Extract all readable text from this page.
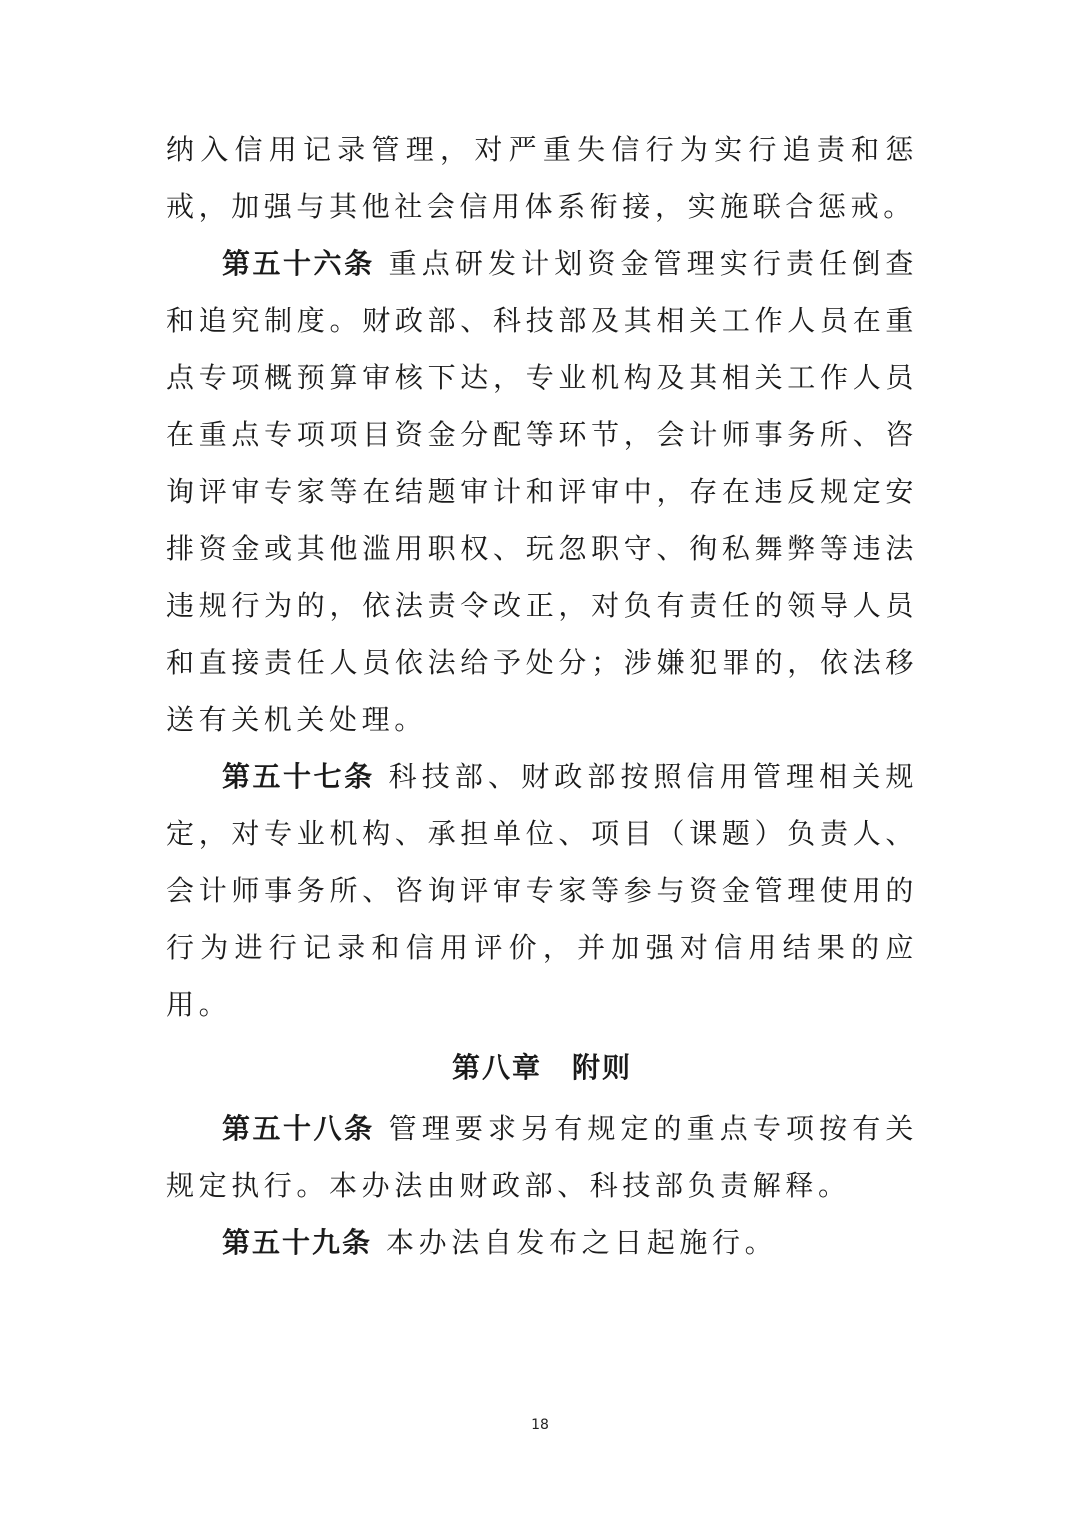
纳入信用记录管理，对严重失信行为实行追责和惩戒，加强与其他社会信用体系衔接，实施联合惩戒。

第五十六条 重点研发计划资金管理实行责任倒查和追究制度。财政部、科技部及其相关工作人员在重点专项概预算审核下达，专业机构及其相关工作人员在重点专项项目资金分配等环节，会计师事务所、咨询评审专家等在结题审计和评审中，存在违反规定安排资金或其他滥用职权、玩忽职守、徇私舞弊等违法违规行为的，依法责令改正，对负有责任的领导人员和直接责任人员依法给予处分；涉嫌犯罪的，依法移送有关机关处理。

第五十七条 科技部、财政部按照信用管理相关规定，对专业机构、承担单位、项目（课题）负责人、会计师事务所、咨询评审专家等参与资金管理使用的行为进行记录和信用评价，并加强对信用结果的应用。

第八章 附则

第五十八条 管理要求另有规定的重点专项按有关规定执行。本办法由财政部、科技部负责解释。

第五十九条 本办法自发布之日起施行。

18
